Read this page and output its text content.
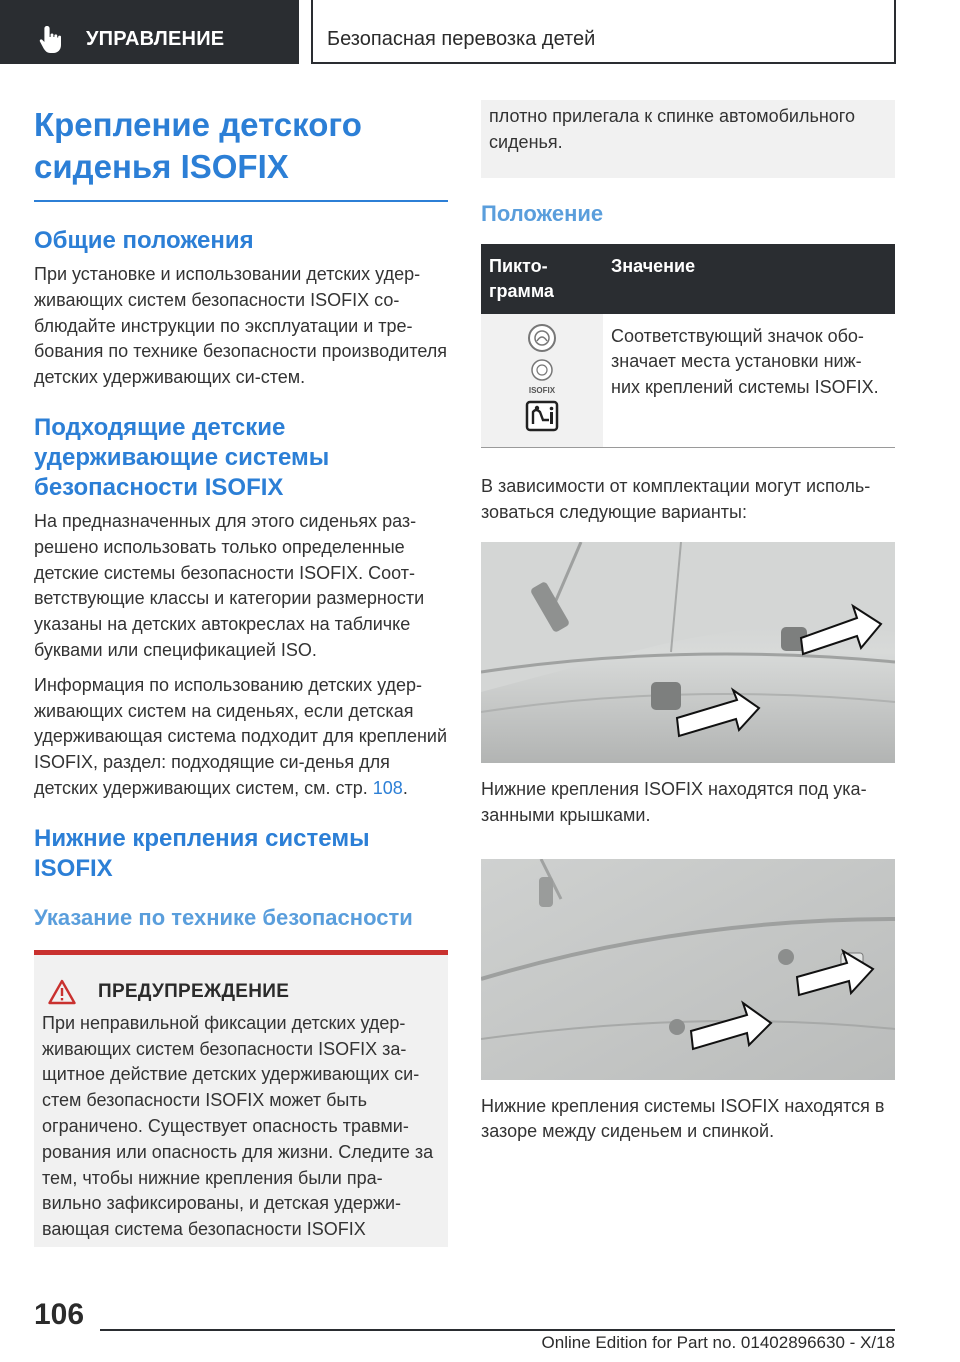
УПРАВЛЕНИЕ	Безопасная перевозка детей
Крепление детского
сиденья ISOFIX
Общие положения

При установке и использовании детских удер-живающих систем безопасности ISOFIX со-блюдайте инструкции по эксплуатации и тре-бования по технике безопасности производителя детских удерживающих си-стем.

Подходящие детские
удерживающие системы
безопасности ISOFIX

На предназначенных для этого сиденьях раз-решено использовать только определенные детские системы безопасности ISOFIX. Соот-ветствующие классы и категории размерности указаны на детских автокреслах на табличке буквами или спецификацией ISO.

Информация по использованию детских удер-живающих систем на сиденьях, если детская удерживающая система подходит для креплений ISOFIX, раздел: подходящие си-денья для детских удерживающих систем, см. стр. 108.

Нижние крепления системы
ISOFIX
Указание по технике безопасности
ПРЕДУПРЕЖДЕНИЕ

При неправильной фиксации детских удер-живающих систем безопасности ISOFIX за-щитное действие детских удерживающих си-стем безопасности ISOFIX может быть ограничено. Существует опасность травми-рования или опасность для жизни. Следите за тем, чтобы нижние крепления были пра-вильно зафиксированы, и детская удержи-вающая система безопасности ISOFIX

плотно прилегала к спинке автомобильного сиденья.

Положение
Пикто-грамма	Значение

ISOFIX	Соответствующий значок обо-значает места установки ниж-них креплений системы ISOFIX.

В зависимости от комплектации могут исполь-зоваться следующие варианты:

Нижние крепления ISOFIX находятся под ука-занными крышками.

Нижние крепления системы ISOFIX находятся в зазоре между сиденьем и спинкой.

106
Online Edition for Part no. 01402896630 - X/18
